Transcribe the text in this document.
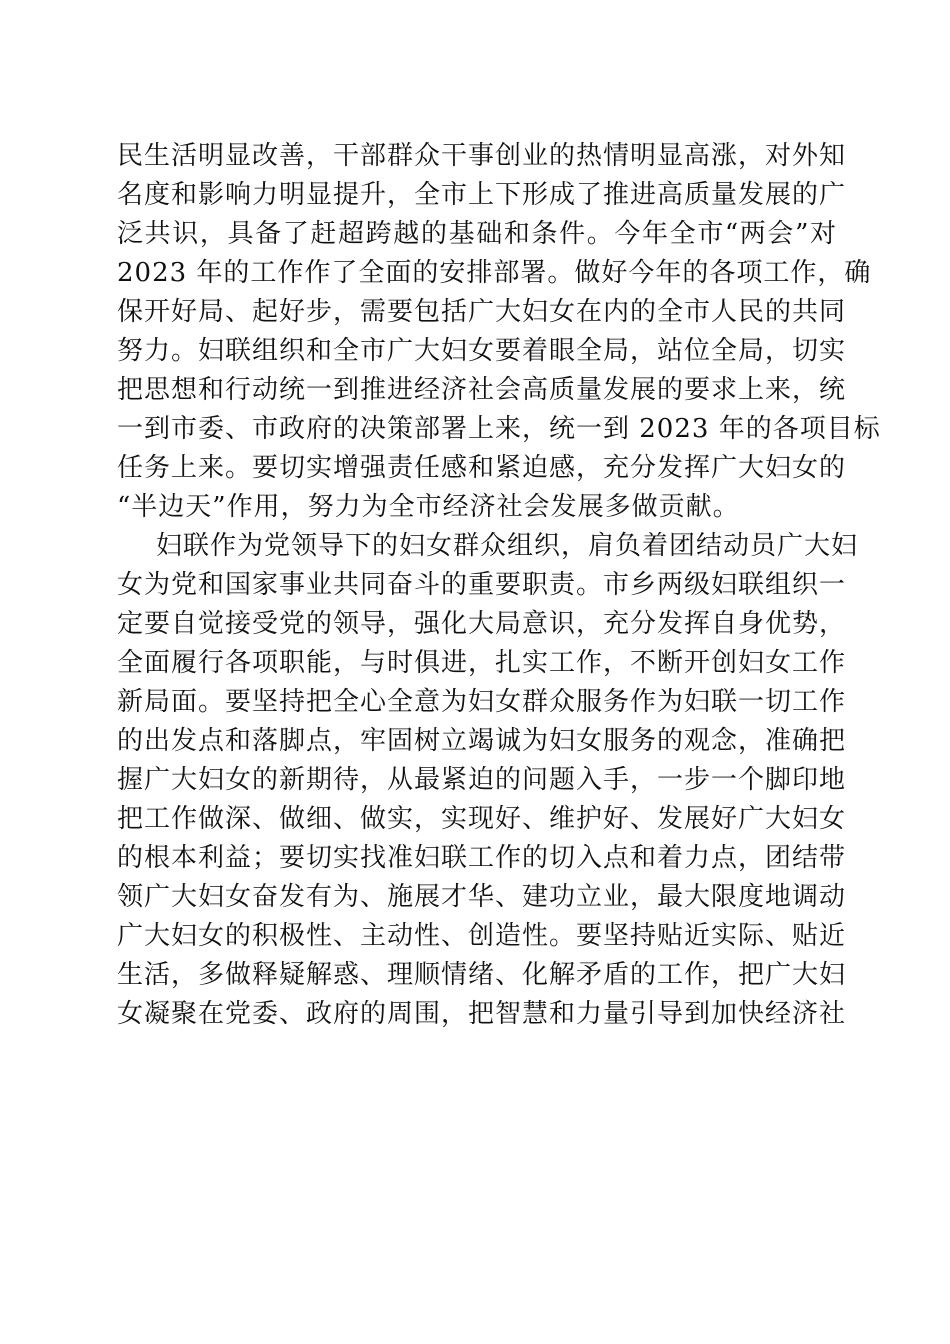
民生活明显改善，干部群众干事创业的热情明显高涨，对外知
名度和影响力明显提升，全市上下形成了推进高质量发展的广
泛共识，具备了赶超跨越的基础和条件。今年全市“两会”对
2023 年的工作作了全面的安排部署。做好今年的各项工作，确
保开好局、起好步，需要包括广大妇女在内的全市人民的共同
努力。妇联组织和全市广大妇女要着眼全局，站位全局，切实
把思想和行动统一到推进经济社会高质量发展的要求上来，统
一到市委、市政府的决策部署上来，统一到 2023 年的各项目标
任务上来。要切实增强责任感和紧迫感，充分发挥广大妇女的
“半边天”作用，努力为全市经济社会发展多做贡献。
妇联作为党领导下的妇女群众组织，肩负着团结动员广大妇
女为党和国家事业共同奋斗的重要职责。市乡两级妇联组织一
定要自觉接受党的领导，强化大局意识，充分发挥自身优势，
全面履行各项职能，与时俱进，扎实工作，不断开创妇女工作
新局面。要坚持把全心全意为妇女群众服务作为妇联一切工作
的出发点和落脚点，牢固树立竭诚为妇女服务的观念，准确把
握广大妇女的新期待，从最紧迫的问题入手，一步一个脚印地
把工作做深、做细、做实，实现好、维护好、发展好广大妇女
的根本利益；要切实找准妇联工作的切入点和着力点，团结带
领广大妇女奋发有为、施展才华、建功立业，最大限度地调动
广大妇女的积极性、主动性、创造性。要坚持贴近实际、贴近
生活，多做释疑解惑、理顺情绪、化解矛盾的工作，把广大妇
女凝聚在党委、政府的周围，把智慧和力量引导到加快经济社
